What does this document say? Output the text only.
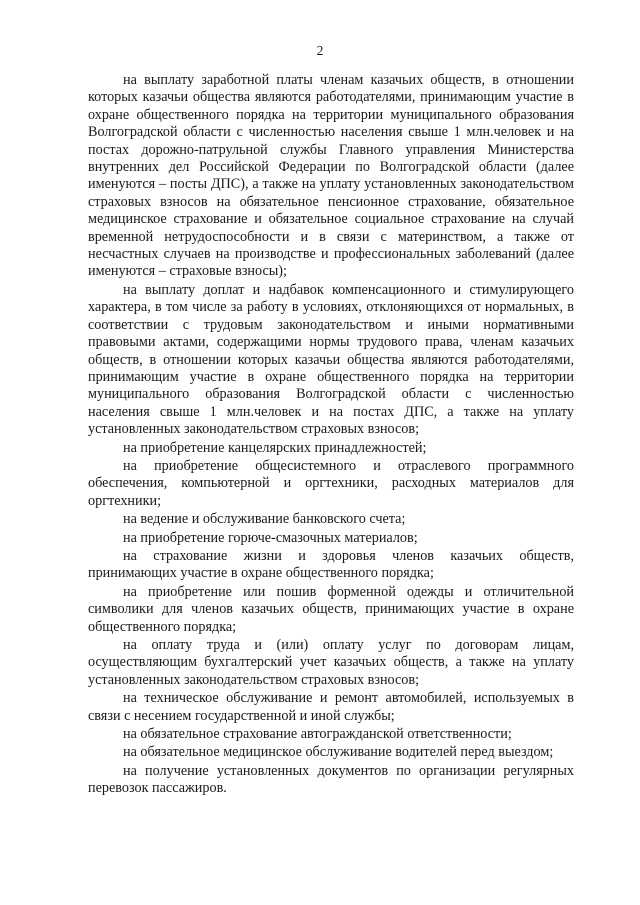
2

на выплату заработной платы членам казачьих обществ, в отношении которых казачьи общества являются работодателями, принимающим участие в охране общественного порядка на территории муниципального образования Волгоградской области с численностью населения свыше 1 млн.человек и на постах дорожно-патрульной службы Главного управления Министерства внутренних дел Российской Федерации по Волгоградской области (далее именуются – посты ДПС), а также на уплату установленных законодательством страховых взносов на обязательное пенсионное страхование, обязательное медицинское страхование и обязательное социальное страхование на случай временной нетрудоспособности и в связи с материнством, а также от несчастных случаев на производстве и профессиональных заболеваний (далее именуются – страховые взносы);

на выплату доплат и надбавок компенсационного и стимулирующего характера, в том числе за работу в условиях, отклоняющихся от нормальных, в соответствии с трудовым законодательством и иными нормативными правовыми актами, содержащими нормы трудового права, членам казачьих обществ, в отношении которых казачьи общества являются работодателями, принимающим участие в охране общественного порядка на территории муниципального образования Волгоградской области с численностью населения свыше 1 млн.человек и на постах ДПС, а также на уплату установленных законодательством страховых взносов;

на приобретение канцелярских принадлежностей;

на приобретение общесистемного и отраслевого программного обеспечения, компьютерной и оргтехники, расходных материалов для оргтехники;

на ведение и обслуживание банковского счета;

на приобретение горюче-смазочных материалов;

на страхование жизни и здоровья членов казачьих обществ, принимающих участие в охране общественного порядка;

на приобретение или пошив форменной одежды и отличительной символики для членов казачьих обществ, принимающих участие в охране общественного порядка;

на оплату труда и (или) оплату услуг по договорам лицам, осуществляющим бухгалтерский учет казачьих обществ, а также на уплату установленных законодательством страховых взносов;

на техническое обслуживание и ремонт автомобилей, используемых в связи с несением государственной и иной службы;

на обязательное страхование автогражданской ответственности;

на обязательное медицинское обслуживание водителей перед выездом;

на получение установленных документов по организации регулярных перевозок пассажиров.
